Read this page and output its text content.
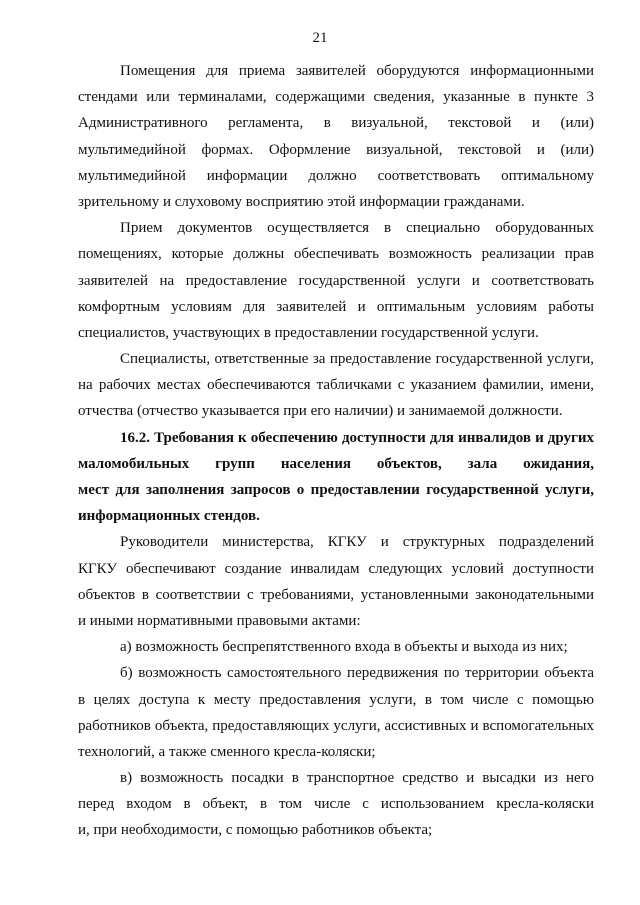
21
Помещения для приема заявителей оборудуются информационными
стендами или терминалами, содержащими сведения, указанные в пункте 3
Административного регламента, в визуальной, текстовой и (или)
мультимедийной формах. Оформление визуальной, текстовой и (или)
мультимедийной информации должно соответствовать оптимальному
зрительному и слуховому восприятию этой информации гражданами.
Прием документов осуществляется в специально оборудованных
помещениях, которые должны обеспечивать возможность реализации прав
заявителей на предоставление государственной услуги и соответствовать
комфортным условиям для заявителей и оптимальным условиям работы
специалистов, участвующих в предоставлении государственной услуги.
Специалисты, ответственные за предоставление государственной услуги,
на рабочих местах обеспечиваются табличками с указанием фамилии, имени,
отчества (отчество указывается при его наличии) и занимаемой должности.
16.2. Требования к обеспечению доступности для инвалидов и других
маломобильных групп населения объектов, зала ожидания,
мест для заполнения запросов о предоставлении государственной услуги,
информационных стендов.
Руководители министерства, КГКУ и структурных подразделений
КГКУ обеспечивают создание инвалидам следующих условий доступности
объектов в соответствии с требованиями, установленными законодательными
и иными нормативными правовыми актами:
а) возможность беспрепятственного входа в объекты и выхода из них;
б) возможность самостоятельного передвижения по территории объекта
в целях доступа к месту предоставления услуги, в том числе с помощью
работников объекта, предоставляющих услуги, ассистивных и вспомогательных
технологий, а также сменного кресла-коляски;
в) возможность посадки в транспортное средство и высадки из него
перед входом в объект, в том числе с использованием кресла-коляски
и, при необходимости, с помощью работников объекта;
